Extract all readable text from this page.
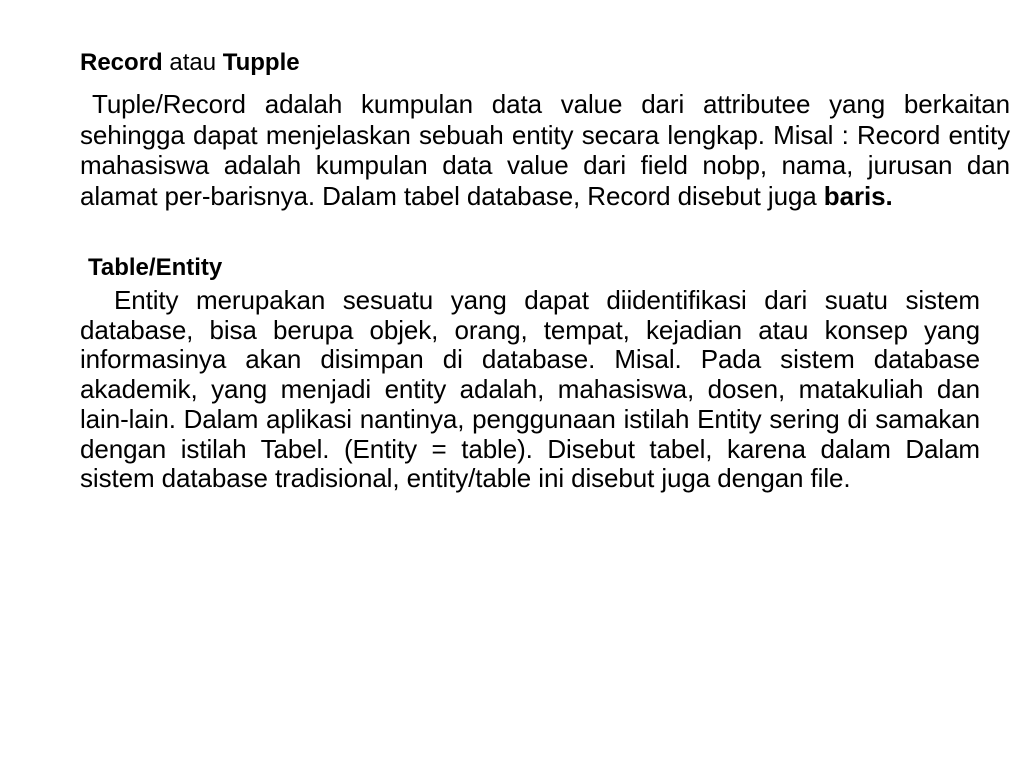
Record atau Tupple
Tuple/Record adalah kumpulan data value dari attributee yang berkaitan sehingga dapat menjelaskan sebuah entity secara lengkap. Misal : Record entity mahasiswa adalah kumpulan data value dari field nobp, nama, jurusan dan alamat per-barisnya. Dalam tabel database, Record disebut juga baris.
Table/Entity
Entity merupakan sesuatu yang dapat diidentifikasi dari suatu sistem database, bisa berupa objek, orang, tempat, kejadian atau konsep yang informasinya akan disimpan di database. Misal. Pada sistem database akademik, yang menjadi entity adalah, mahasiswa, dosen, matakuliah dan lain-lain. Dalam aplikasi nantinya, penggunaan istilah Entity sering di samakan dengan istilah Tabel. (Entity = table). Disebut tabel, karena dalam Dalam sistem database tradisional, entity/table ini disebut juga dengan file.
